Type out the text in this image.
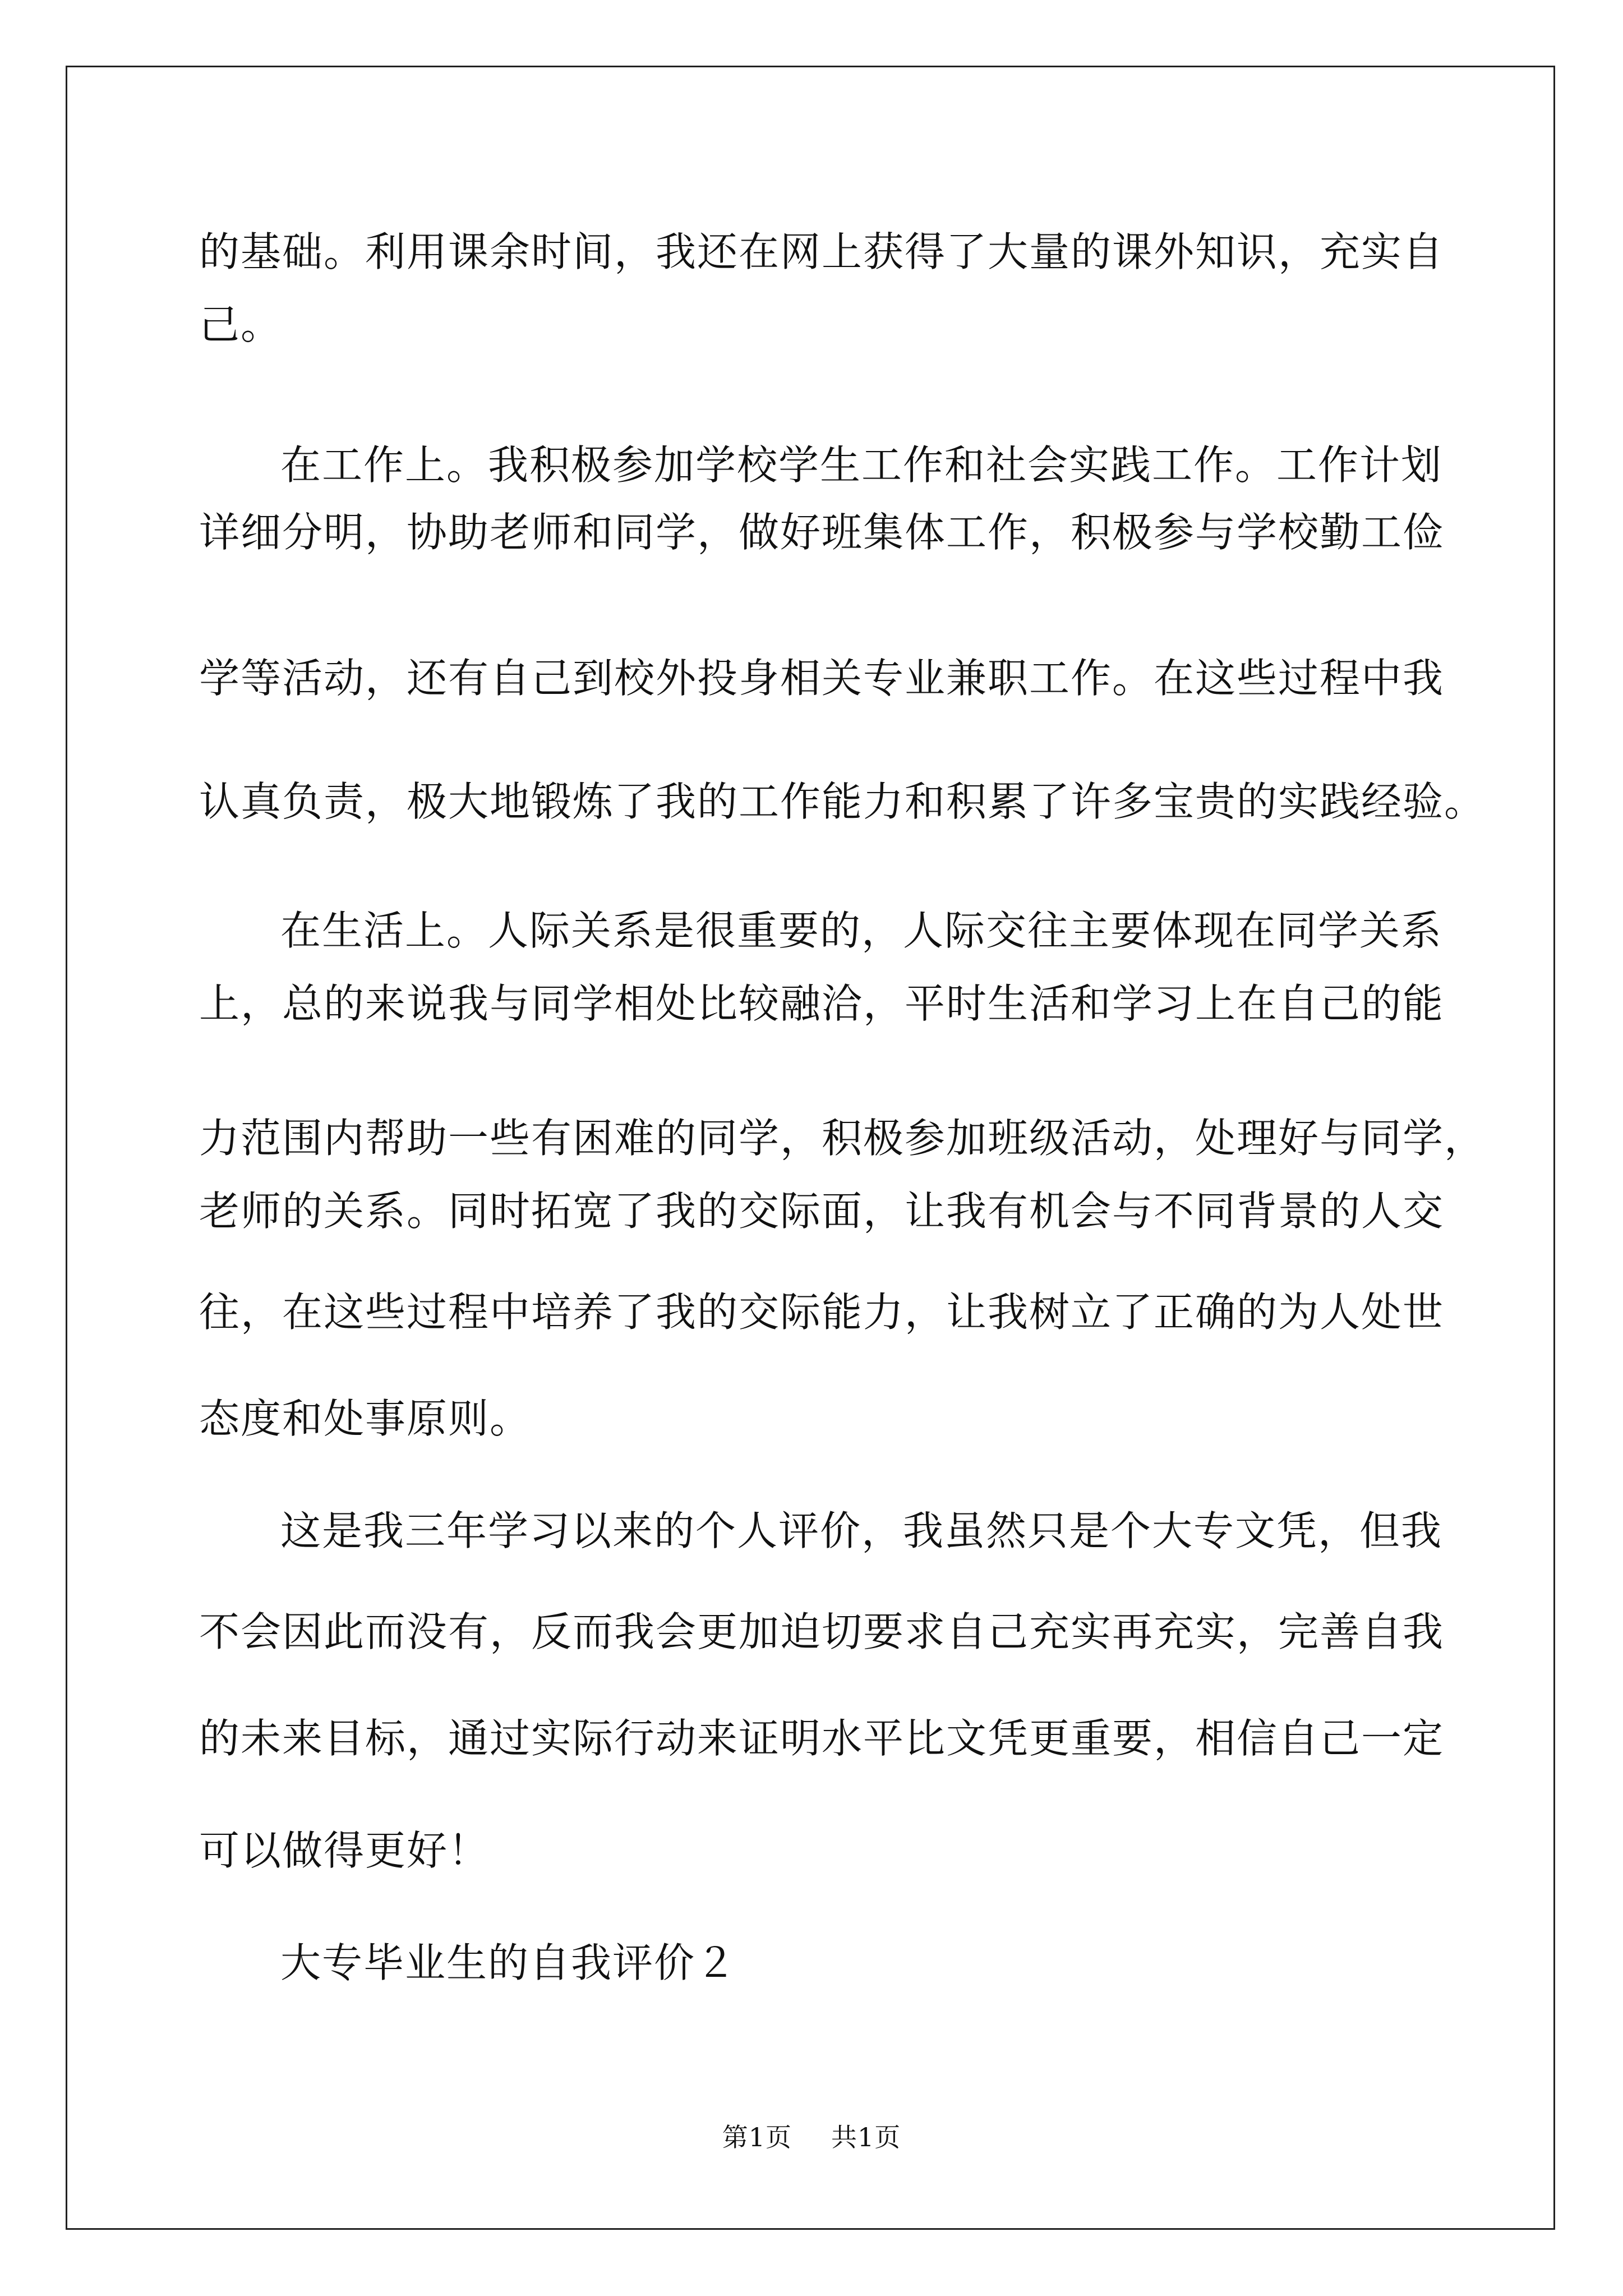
的基础。利用课余时间，我还在网上获得了大量的课外知识，充实自
己。
在工作上。我积极参加学校学生工作和社会实践工作。工作计划
详细分明，协助老师和同学，做好班集体工作，积极参与学校勤工俭
学等活动，还有自己到校外投身相关专业兼职工作。在这些过程中我
认真负责，极大地锻炼了我的工作能力和积累了许多宝贵的实践经验。
在生活上。人际关系是很重要的，人际交往主要体现在同学关系
上，总的来说我与同学相处比较融洽，平时生活和学习上在自己的能
力范围内帮助一些有困难的同学，积极参加班级活动，处理好与同学，
老师的关系。同时拓宽了我的交际面，让我有机会与不同背景的人交
往，在这些过程中培养了我的交际能力，让我树立了正确的为人处世
态度和处事原则。
这是我三年学习以来的个人评价，我虽然只是个大专文凭，但我
不会因此而没有，反而我会更加迫切要求自己充实再充实，完善自我
的未来目标，通过实际行动来证明水平比文凭更重要，相信自己一定
可以做得更好！
大专毕业生的自我评价２
第1页 共1页
